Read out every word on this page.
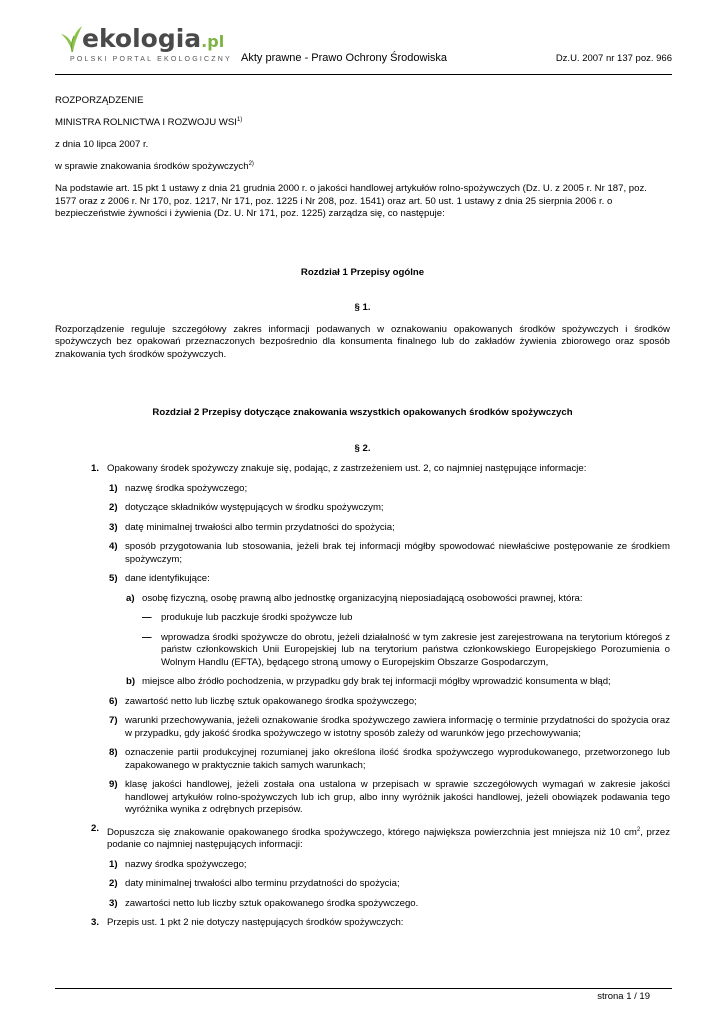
ekologia.pl
POLSKI PORTAL EKOLOGICZNY Akty prawne - Prawo Ochrony Środowiska	Dz.U. 2007 nr 137 poz. 966

ROZPORZĄDZENIE

MINISTRA ROLNICTWA I ROZWOJU WSI$^{1)}$

z dnia 10 lipca 2007 r.

w sprawie znakowania środków spożywczych$^{2)}$

Na podstawie art. 15 pkt 1 ustawy z dnia 21 grudnia 2000 r. o jakości handlowej artykułów rolno-spożywczych (Dz. U. z 2005 r. Nr 187, poz. 1577 oraz z 2006 r. Nr 170, poz. 1217, Nr 171, poz. 1225 i Nr 208, poz. 1541) oraz art. 50 ust. 1 ustawy z dnia 25 sierpnia 2006 r. o bezpieczeństwie żywności i żywienia (Dz. U. Nr 171, poz. 1225) zarządza się, co następuje:

Rozdział 1 Przepisy ogólne

§ 1.

Rozporządzenie reguluje szczegółowy zakres informacji podawanych w oznakowaniu opakowanych środków spożywczych i środków spożywczych bez opakowań przeznaczonych bezpośrednio dla konsumenta finalnego lub do zakładów żywienia zbiorowego oraz sposób znakowania tych środków spożywczych.

Rozdział 2 Przepisy dotyczące znakowania wszystkich opakowanych środków spożywczych

§ 2.

1. Opakowany środek spożywczy znakuje się, podając, z zastrzeżeniem ust. 2, co najmniej następujące informacje:

1) nazwę środka spożywczego;

2) dotyczące składników występujących w środku spożywczym;

3) datę minimalnej trwałości albo termin przydatności do spożycia;

4) sposób przygotowania lub stosowania, jeżeli brak tej informacji mógłby spowodować niewłaściwe postępowanie ze środkiem spożywczym;

5) dane identyfikujące:

a) osobę fizyczną, osobę prawną albo jednostkę organizacyjną nieposiadającą osobowości prawnej, która:

— produkuje lub paczkuje środki spożywcze lub

— wprowadza środki spożywcze do obrotu, jeżeli działalność w tym zakresie jest zarejestrowana na terytorium któregoś z państw członkowskich Unii Europejskiej lub na terytorium państwa członkowskiego Europejskiego Porozumienia o Wolnym Handlu (EFTA), będącego stroną umowy o Europejskim Obszarze Gospodarczym,

b) miejsce albo źródło pochodzenia, w przypadku gdy brak tej informacji mógłby wprowadzić konsumenta w błąd;

6) zawartość netto lub liczbę sztuk opakowanego środka spożywczego;

7) warunki przechowywania, jeżeli oznakowanie środka spożywczego zawiera informację o terminie przydatności do spożycia oraz w przypadku, gdy jakość środka spożywczego w istotny sposób zależy od warunków jego przechowywania;

8) oznaczenie partii produkcyjnej rozumianej jako określona ilość środka spożywczego wyprodukowanego, przetworzonego lub zapakowanego w praktycznie takich samych warunkach;

9) klasę jakości handlowej, jeżeli została ona ustalona w przepisach w sprawie szczegółowych wymagań w zakresie jakości handlowej artykułów rolno-spożywczych lub ich grup, albo inny wyróżnik jakości handlowej, jeżeli obowiązek podawania tego wyróżnika wynika z odrębnych przepisów.

2. Dopuszcza się znakowanie opakowanego środka spożywczego, którego największa powierzchnia jest mniejsza niż 10 $cm^2$, przez podanie co najmniej następujących informacji:

1) nazwy środka spożywczego;

2) daty minimalnej trwałości albo terminu przydatności do spożycia;

3) zawartości netto lub liczby sztuk opakowanego środka spożywczego.

3. Przepis ust. 1 pkt 2 nie dotyczy następujących środków spożywczych:

strona 1 / 19
